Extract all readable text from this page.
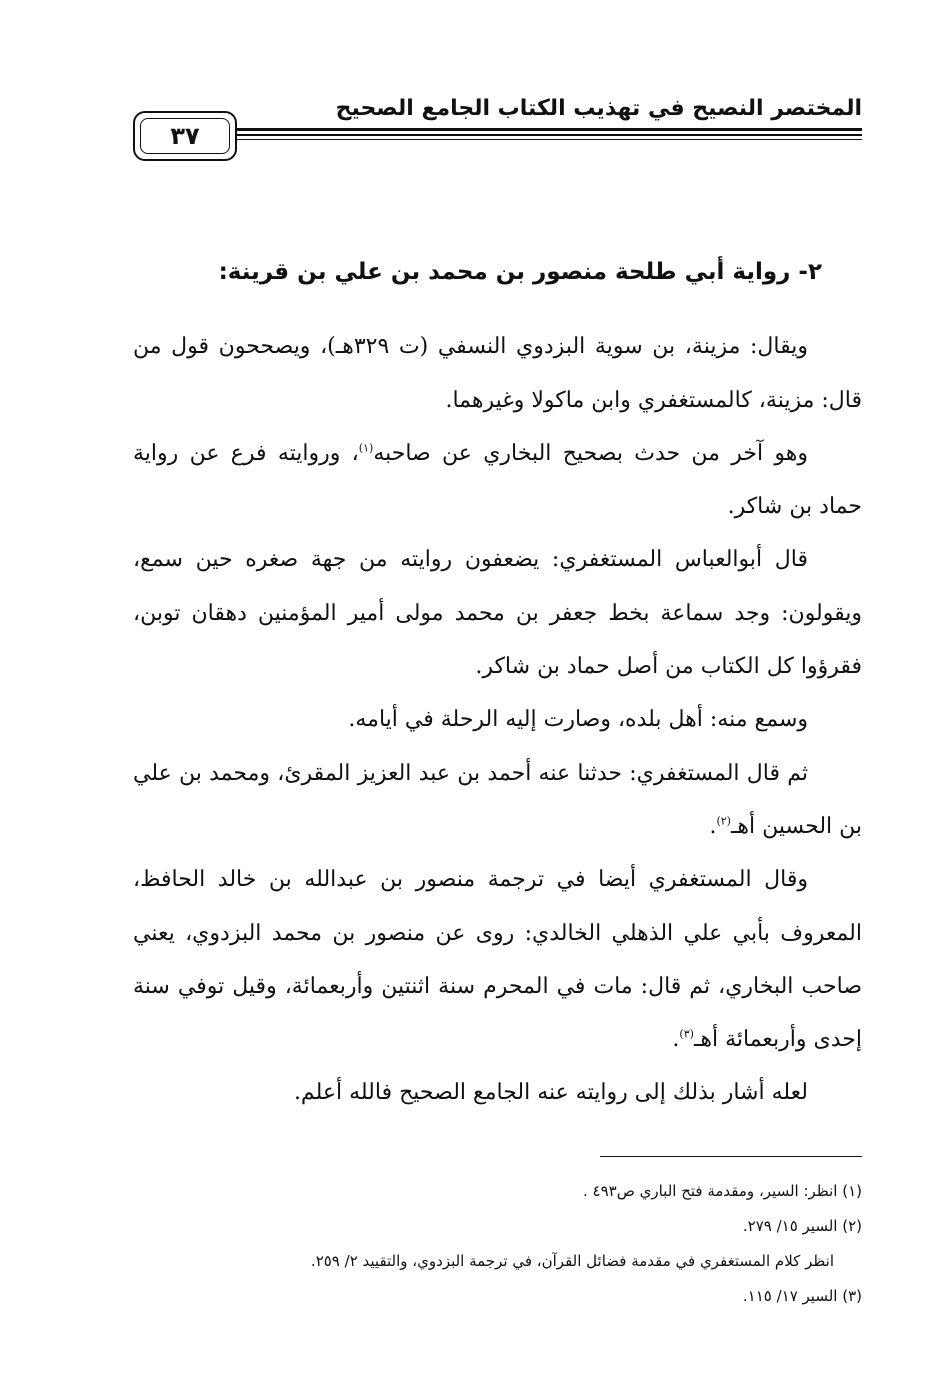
المختصر النصيح في تهذيب الكتاب الجامع الصحيح
٣٧

٢- رواية أبي طلحة منصور بن محمد بن علي بن قرينة:

ويقال: مزينة، بن سوية البزدوي النسفي (ت ٣٢٩هـ)، ويصححون قول من قال: مزينة، كالمستغفري وابن ماكولا وغيرهما.

وهو آخر من حدث بصحيح البخاري عن صاحبه$^{(١)}$، وروايته فرع عن رواية حماد بن شاكر.

قال أبوالعباس المستغفري: يضعفون روايته من جهة صغره حين سمع، ويقولون: وجد سماعة بخط جعفر بن محمد مولى أمير المؤمنين دهقان توبن، فقرؤوا كل الكتاب من أصل حماد بن شاكر.

وسمع منه: أهل بلده، وصارت إليه الرحلة في أيامه.

ثم قال المستغفري: حدثنا عنه أحمد بن عبد العزيز المقرئ، ومحمد بن علي بن الحسين أهـ$^{(٢)}$.

وقال المستغفري أيضا في ترجمة منصور بن عبدالله بن خالد الحافظ، المعروف بأبي علي الذهلي الخالدي: روى عن منصور بن محمد البزدوي، يعني صاحب البخاري، ثم قال: مات في المحرم سنة اثنتين وأربعمائة، وقيل توفي سنة إحدى وأربعمائة أهـ$^{(٣)}$.

لعله أشار بذلك إلى روايته عنه الجامع الصحيح فالله أعلم.

(١) انظر: السير، ومقدمة فتح الباري ص٤٩٣ .

(٢) السير ١٥/ ٢٧٩.

انظر كلام المستغفري في مقدمة فضائل القرآن، في ترجمة البزدوي، والتقييد ٢/ ٢٥٩.

(٣) السير ١٧/ ١١٥.
